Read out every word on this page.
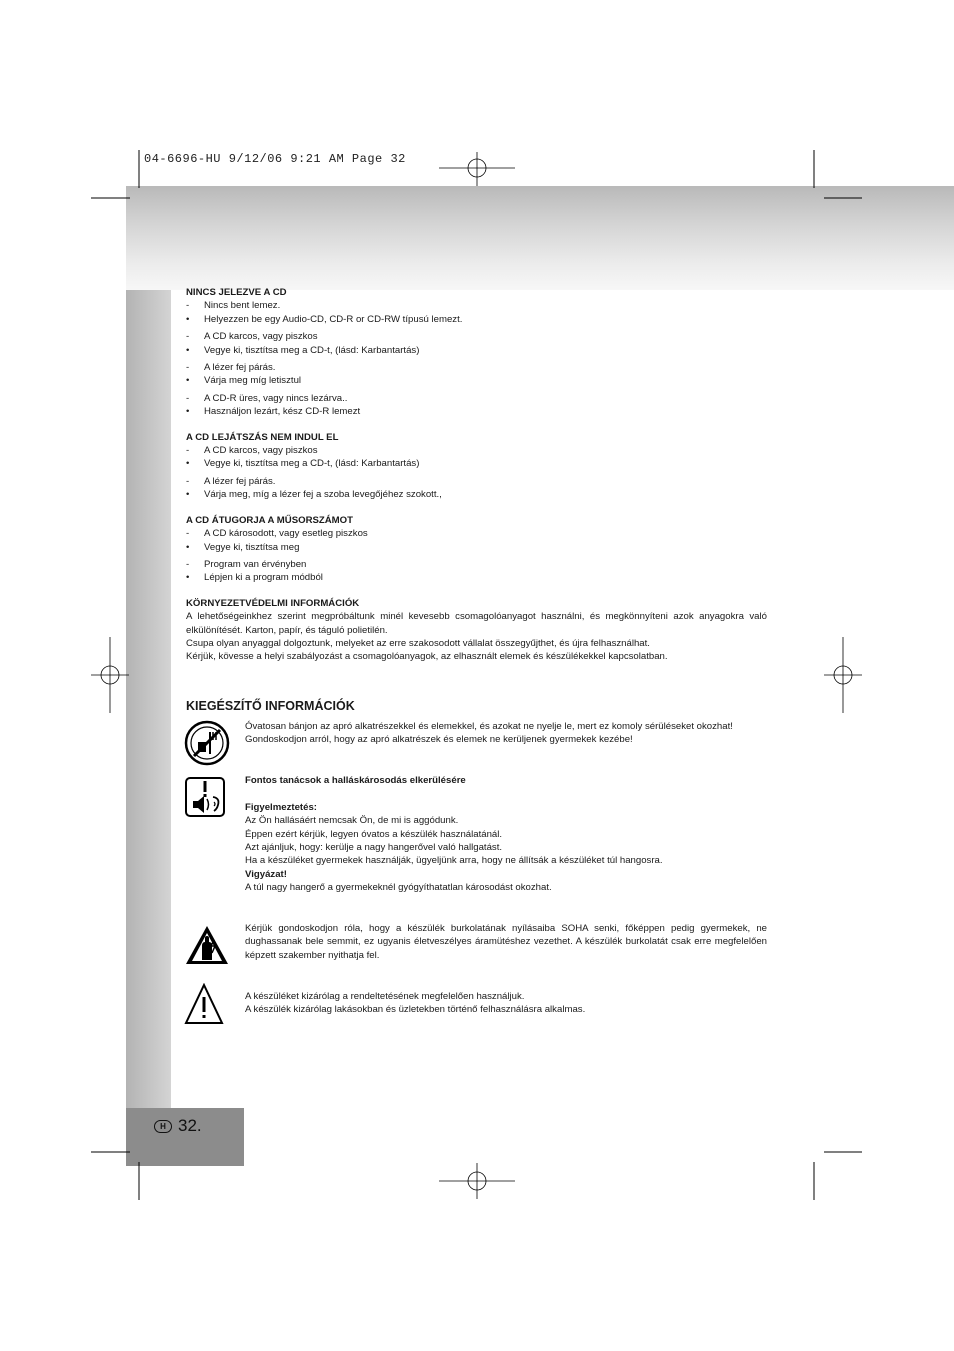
04-6696-HU 9/12/06 9:21 AM Page 32
H 32.

NINCS JELEZVE A CD

-	Nincs bent lemez.
•	Helyezzen be egy Audio-CD, CD-R or CD-RW típusú lemezt.
-	A CD karcos, vagy piszkos
•	Vegye ki, tisztítsa meg a CD-t, (lásd: Karbantartás)
-	A lézer fej párás.
•	Várja meg míg letisztul
-	A CD-R üres, vagy nincs lezárva..
•	Használjon lezárt, kész CD-R lemezt

A CD LEJÁTSZÁS NEM INDUL EL

-	A CD karcos, vagy piszkos
•	Vegye ki, tisztítsa meg a CD-t, (lásd: Karbantartás)
-	A lézer fej párás.
•	Várja meg, míg a lézer fej a szoba levegőjéhez szokott.,

A CD ÁTUGORJA A MŰSORSZÁMOT

-	A CD károsodott, vagy esetleg piszkos
•	Vegye ki, tisztítsa meg
-	Program van érvényben
•	Lépjen ki a program módból

KÖRNYEZETVÉDELMI INFORMÁCIÓK

A lehetőségeinkhez szerint megpróbáltunk minél kevesebb csomagolóanyagot használni, és megkönnyíteni azok anyagokra való elkülönítését. Karton, papír, és tágulό polietilén.

Csupa olyan anyaggal dolgoztunk, melyeket az erre szakosodott vállalat összegyűjthet, és újra felhasználhat.

Kérjük, kövesse a helyi szabályozást a csomagolóanyagok, az elhasznált elemek és készülékekkel kapcsolatban.

KIEGÉSZÍTŐ INFORMÁCIÓK

Óvatosan bánjon az apró alkatrészekkel és elemekkel, és azokat ne nyelje le, mert ez komoly sérüléseket okozhat!

Gondoskodjon arról, hogy az apró alkatrészek és elemek ne kerüljenek gyermekek kezébe!

Fontos tanácsok a halláskárosodás elkerülésére

Figyelmeztetés:

Az Ön hallásáért nemcsak Ön, de mi is aggódunk.

Éppen ezért kérjük, legyen óvatos a készülék használatánál.

Azt ajánljuk, hogy: kerülje a nagy hangerővel való hallgatást.

Ha a készüléket gyermekek használják, ügyeljünk arra, hogy ne állítsák a készüléket túl hangosra.

Vigyázat!

A túl nagy hangerő a gyermekeknél gyógyíthatatlan károsodást okozhat.

Kérjük gondoskodjon róla, hogy a készülék burkolatának nyílásaiba SOHA senki, főképpen pedig gyermekek, ne dughassanak bele semmit, ez ugyanis életveszélyes áramütéshez vezethet. A készülék burkolatát csak erre megfelelően képzett szakember nyithatja fel.

A készüléket kizárólag a rendeltetésének megfelelően használjuk.

A készülék kizárólag lakásokban és üzletekben történő felhasználásra alkalmas.
